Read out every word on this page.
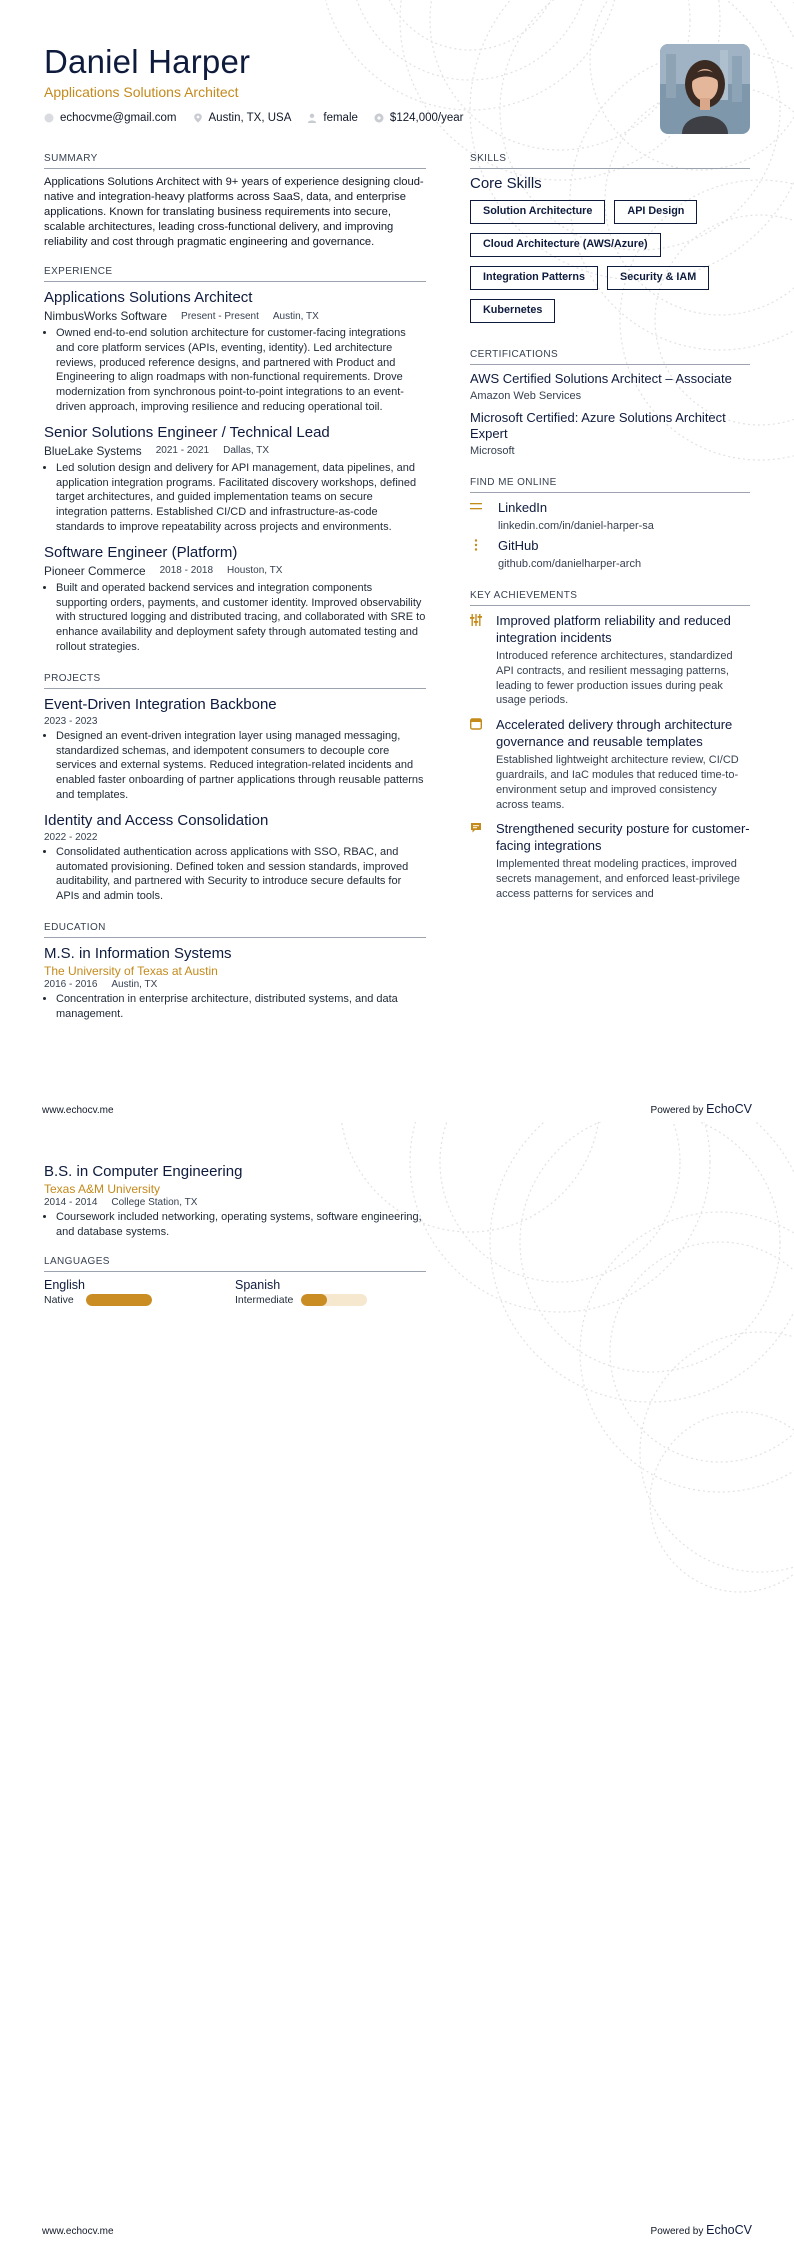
Daniel Harper
Applications Solutions Architect
echocvme@gmail.com	Austin, TX, USA	female	$124,000/year
SUMMARY

Applications Solutions Architect with 9+ years of experience designing cloud-native and integration-heavy platforms across SaaS, data, and enterprise applications. Known for translating business requirements into secure, scalable architectures, leading cross-functional delivery, and improving reliability and cost through pragmatic engineering and governance.

EXPERIENCE
Applications Solutions Architect
NimbusWorks Software Present - Present Austin, TX
• Owned end-to-end solution architecture for customer-facing integrations and core platform services (APIs, eventing, identity). Led architecture reviews, produced reference designs, and partnered with Product and Engineering to align roadmaps with non-functional requirements. Drove modernization from synchronous point-to-point integrations to an event-driven approach, improving resilience and reducing operational toil.
Senior Solutions Engineer / Technical Lead
BlueLake Systems 2021 - 2021 Dallas, TX
• Led solution design and delivery for API management, data pipelines, and application integration programs. Facilitated discovery workshops, defined target architectures, and guided implementation teams on secure integration patterns. Established CI/CD and infrastructure-as-code standards to improve repeatability across projects and environments.
Software Engineer (Platform)
Pioneer Commerce 2018 - 2018 Houston, TX
• Built and operated backend services and integration components supporting orders, payments, and customer identity. Improved observability with structured logging and distributed tracing, and collaborated with SRE to enhance availability and deployment safety through automated testing and rollout strategies.
PROJECTS
Event-Driven Integration Backbone
2023 - 2023
• Designed an event-driven integration layer using managed messaging, standardized schemas, and idempotent consumers to decouple core services and external systems. Reduced integration-related incidents and enabled faster onboarding of partner applications through reusable patterns and templates.
Identity and Access Consolidation
2022 - 2022
• Consolidated authentication across applications with SSO, RBAC, and automated provisioning. Defined token and session standards, improved auditability, and partnered with Security to introduce secure defaults for APIs and admin tools.
EDUCATION
M.S. in Information Systems
The University of Texas at Austin
2016 - 2016 Austin, TX
• Concentration in enterprise architecture, distributed systems, and data management.
SKILLS
Core Skills
Solution Architecture	API Design
Cloud Architecture (AWS/Azure)
Integration Patterns	Security & IAM
Kubernetes
CERTIFICATIONS
AWS Certified Solutions Architect – Associate
Amazon Web Services
Microsoft Certified: Azure Solutions Architect Expert
Microsoft
FIND ME ONLINE
LinkedIn
linkedin.com/in/daniel-harper-sa
GitHub
github.com/danielharper-arch
KEY ACHIEVEMENTS
Improved platform reliability and reduced integration incidents
Introduced reference architectures, standardized API contracts, and resilient messaging patterns, leading to fewer production issues during peak usage periods.
Accelerated delivery through architecture governance and reusable templates
Established lightweight architecture review, CI/CD guardrails, and IaC modules that reduced time-to-environment setup and improved consistency across teams.
Strengthened security posture for customer-facing integrations
Implemented threat modeling practices, improved secrets management, and enforced least-privilege access patterns for services and
www.echocv.me	Powered by EchoCV
B.S. in Computer Engineering
Texas A&M University
2014 - 2014 College Station, TX
• Coursework included networking, operating systems, software engineering, and database systems.
LANGUAGES
English
Native
Spanish
Intermediate
www.echocv.me	Powered by EchoCV
